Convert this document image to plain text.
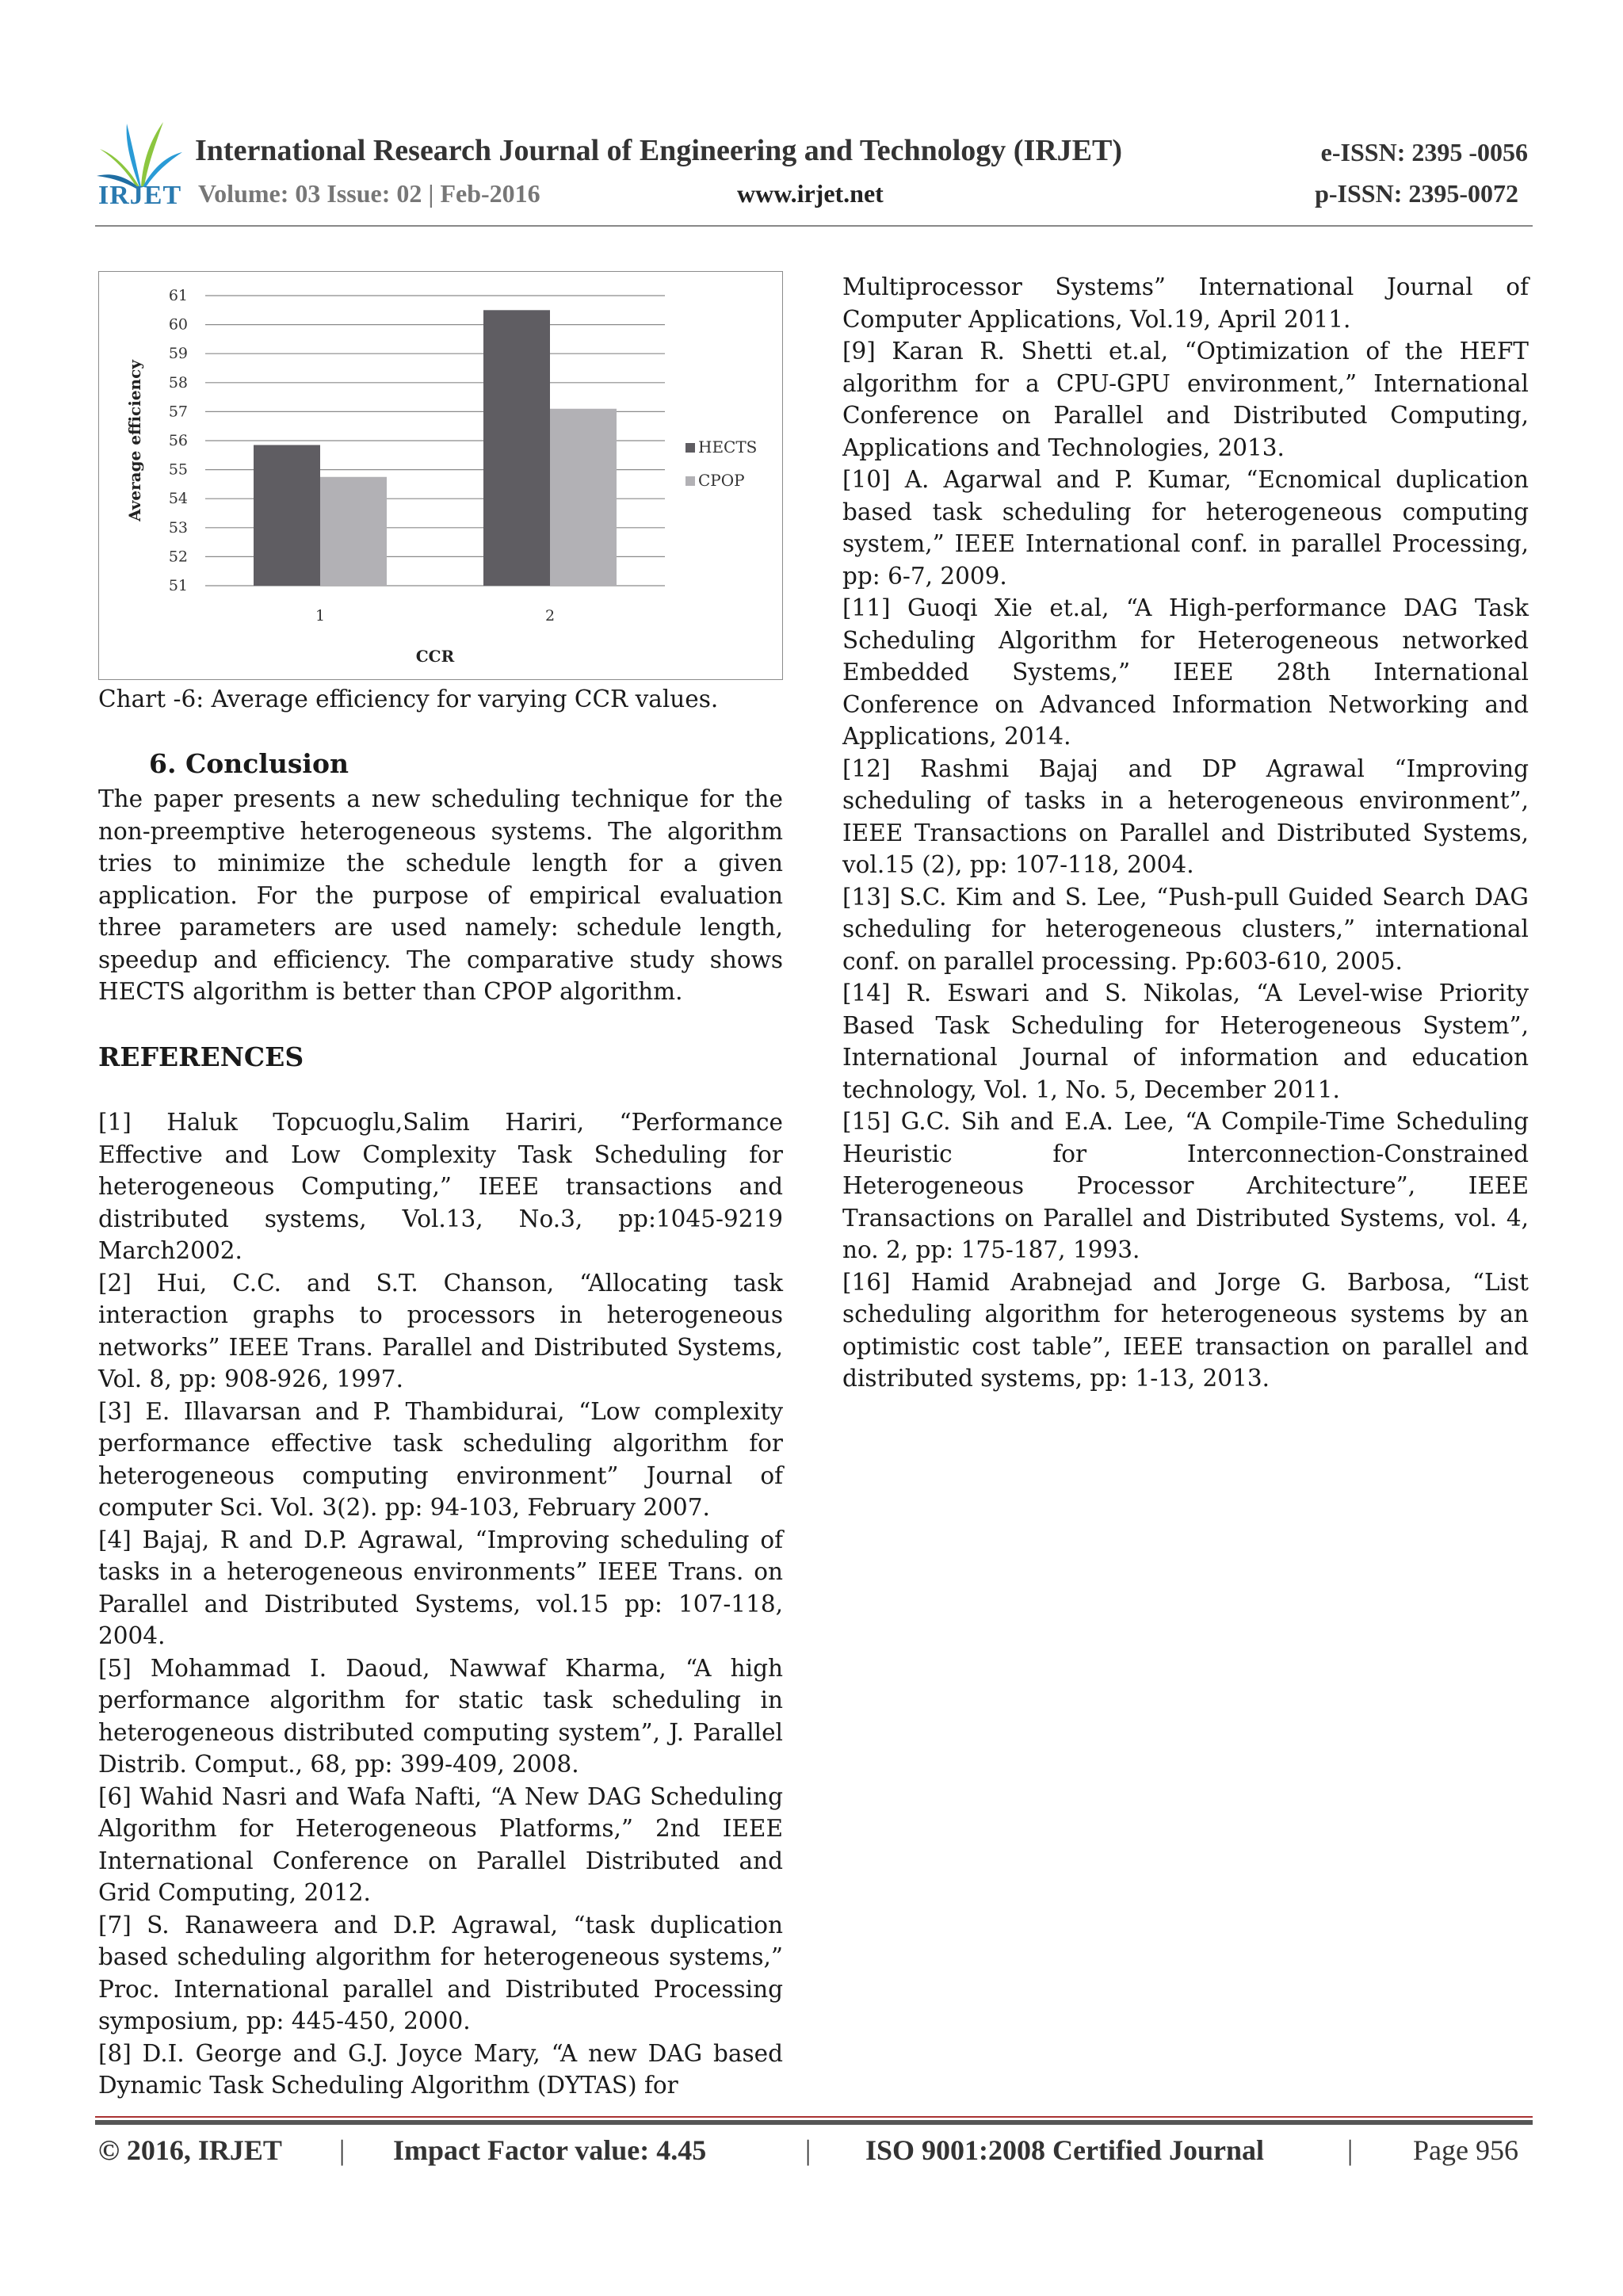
IRJET
International Research Journal of Engineering and Technology (IRJET)	e-ISSN: 2395 -0056
Volume: 03 Issue: 02 | Feb-2016	www.irjet.net	p-ISSN: 2395-0072
51
52
53
54
55
56
57
58
59
60
61
1	2
CCR
Average efficiency	HECTS
CPOP
Chart -6: Average efficiency for varying CCR values.
6. Conclusion

The paper presents a new scheduling technique for the non-preemptive heterogeneous systems. The algorithm tries to minimize the schedule length for a given application. For the purpose of empirical evaluation three parameters are used namely: schedule length, speedup and efficiency. The comparative study shows HECTS algorithm is better than CPOP algorithm.

REFERENCES

[1] Haluk Topcuoglu,Salim Hariri, “Performance Effective and Low Complexity Task Scheduling for heterogeneous Computing,” IEEE transactions and distributed systems, Vol.13, No.3, pp:1045-9219 March2002.

[2] Hui, C.C. and S.T. Chanson, “Allocating task interaction graphs to processors in heterogeneous networks” IEEE Trans. Parallel and Distributed Systems, Vol. 8, pp: 908-926, 1997.

[3] E. Illavarsan and P. Thambidurai, “Low complexity performance effective task scheduling algorithm for heterogeneous computing environment” Journal of computer Sci. Vol. 3(2). pp: 94-103, February 2007.

[4] Bajaj, R and D.P. Agrawal, “Improving scheduling of tasks in a heterogeneous environments” IEEE Trans. on Parallel and Distributed Systems, vol.15 pp: 107-118, 2004.

[5] Mohammad I. Daoud, Nawwaf Kharma, “A high performance algorithm for static task scheduling in heterogeneous distributed computing system”, J. Parallel Distrib. Comput., 68, pp: 399-409, 2008.

[6] Wahid Nasri and Wafa Nafti, “A New DAG Scheduling Algorithm for Heterogeneous Platforms,” 2nd IEEE International Conference on Parallel Distributed and Grid Computing, 2012.

[7] S. Ranaweera and D.P. Agrawal, “task duplication based scheduling algorithm for heterogeneous systems,” Proc. International parallel and Distributed Processing symposium, pp: 445-450, 2000.

[8] D.I. George and G.J. Joyce Mary, “A new DAG based Dynamic Task Scheduling Algorithm (DYTAS) for

Multiprocessor Systems” International Journal of Computer Applications, Vol.19, April 2011.

[9] Karan R. Shetti et.al, “Optimization of the HEFT algorithm for a CPU-GPU environment,” International Conference on Parallel and Distributed Computing, Applications and Technologies, 2013.

[10] A. Agarwal and P. Kumar, “Ecnomical duplication based task scheduling for heterogeneous computing system,” IEEE International conf. in parallel Processing, pp: 6-7, 2009.

[11] Guoqi Xie et.al, “A High-performance DAG Task Scheduling Algorithm for Heterogeneous networked Embedded Systems,” IEEE 28th International Conference on Advanced Information Networking and Applications, 2014.

[12] Rashmi Bajaj and DP Agrawal “Improving scheduling of tasks in a heterogeneous environment”, IEEE Transactions on Parallel and Distributed Systems, vol.15 (2), pp: 107-118, 2004.

[13] S.C. Kim and S. Lee, “Push-pull Guided Search DAG scheduling for heterogeneous clusters,” international conf. on parallel processing. Pp:603-610, 2005.

[14] R. Eswari and S. Nikolas, “A Level-wise Priority Based Task Scheduling for Heterogeneous System”, International Journal of information and education technology, Vol. 1, No. 5, December 2011.

[15] G.C. Sih and E.A. Lee, “A Compile-Time Scheduling Heuristic for Interconnection-Constrained Heterogeneous Processor Architecture”, IEEE Transactions on Parallel and Distributed Systems, vol. 4, no. 2, pp: 175-187, 1993.

[16] Hamid Arabnejad and Jorge G. Barbosa, “List scheduling algorithm for heterogeneous systems by an optimistic cost table”, IEEE transaction on parallel and distributed systems, pp: 1-13, 2013.

© 2016, IRJET | Impact Factor value: 4.45	| ISO 9001:2008 Certified Journal	| Page 956
